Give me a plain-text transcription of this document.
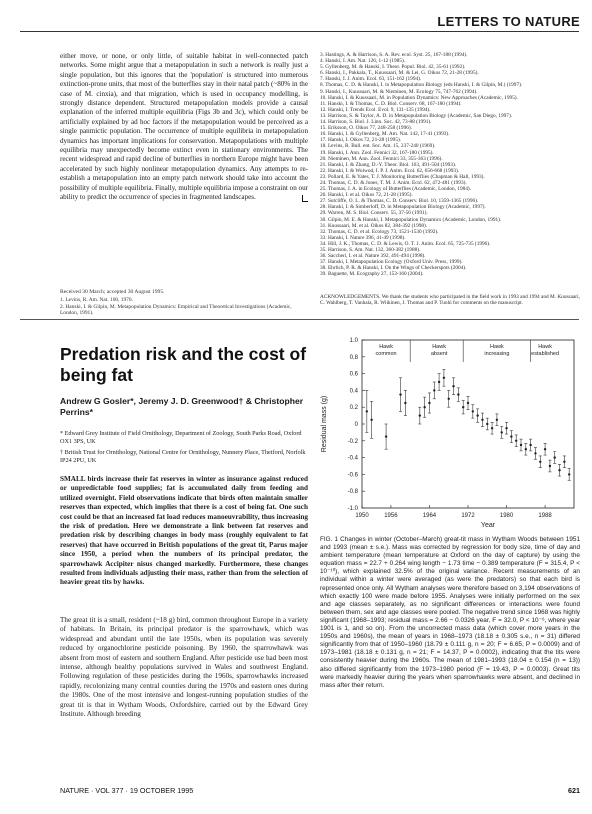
LETTERS TO NATURE
either move, or none, or only little, of suitable habitat in well-connected patch networks. Some might argue that a metapopulation in such a network is really just a single population, but this ignores that the 'population' is structured into numerous extinction-prone units, that most of the butterflies stay in their natal patch (~80% in the case of M. cinxia), and that migration, which is used in occupancy modelling, is strongly distance dependent. Structured metapopulation models provide a causal explanation of the inferred multiple equilibria (Figs 3b and 3c), which could only be artificially explained by ad hoc factors if the metapopulation would be perceived as a single panmictic population. The occurrence of multiple equilibria in metapopulation dynamics has important implications for conservation. Metapopulations with multiple equilibria may unexpectedly become extinct even in stationary environments. The recent widespread and rapid decline of butterflies in northern Europe might have been accelerated by such highly nonlinear metapopulation dynamics. Any attempts to re-establish a metapopulation into an empty patch network should take into account the possibility of multiple equilibria. Finally, multiple equilibria impose a constraint on our ability to predict the occurrence of species in fragmented landscapes.
Received 30 March; accepted 30 August 1995.
1. Levins, R. Am. Nat. 100, 1970.
2. Hanski, I. & Gilpin, M. Metapopulation Dynamics: Empirical and Theoretical Investigations (Academic, London, 1991).
3. Hastings, A. & Harrison, S. A. Rev. ecol. Syst. 25, 167-188 (1994).
4. Hanski, I. Am. Nat. 126, 1-12 (1985).
5. Gyllenberg, M. & Hanski, I. Theor. Popul. Biol. 42, 35-61 (1992).
6. Hanski, I., Pakkala, T., Kuussaari, M. & Lei, G. Oikos 72, 21-28 (1995).
7. Hanski, I. J. Anim. Ecol. 63, 151-162 (1994).
8. Thomas, C. D. & Hanski, I. in Metapopulation Biology (eds Hanski, I. & Gilpin, M.) (1997).
9. Hanski, I., Kuussaari, M. & Nieminen, M. Ecology 75, 747-762 (1994).
10. Hanski, I. & Kuussaari, M. in Population Dynamics: New Approaches (Academic, 1995).
11. Hanski, I. & Thomas, C. D. Biol. Conserv. 68, 167-180 (1994).
12. Hanski, I. Trends Ecol. Evol. 9, 131-135 (1994).
13. Harrison, S. & Taylor, A. D. in Metapopulation Biology (Academic, San Diego, 1997).
14. Harrison, S. Biol. J. Linn. Soc. 42, 73-88 (1991).
15. Eriksson, O. Oikos 77, 248-258 (1996).
16. Hanski, I. & Gyllenberg, M. Am. Nat. 142, 17-41 (1993).
17. Hanski, I. Oikos 72, 21-28 (1995).
18. Levins, R. Bull. ent. Soc. Am. 15, 237-240 (1969).
19. Hanski, I. Ann. Zool. Fennici 32, 167-180 (1995).
20. Nieminen, M. Ann. Zool. Fennici 33, 355-363 (1996).
21. Hanski, I. & Zhang, D.-Y. Theor. Biol. 163, 491-504 (1993).
22. Hanski, I. & Woiwod, I. P. J. Anim. Ecol. 62, 656-668 (1993).
23. Pollard, E. & Yates, T. J. Monitoring Butterflies (Chapman & Hall, 1993).
24. Thomas, C. D. & Jones, T. M. J. Anim. Ecol. 62, 472-481 (1993).
25. Thomas, J. A. in Ecology of Butterflies (Academic, London, 1984).
26. Hanski, I. et al. Oikos 72, 21-28 (1995).
27. Sutcliffe, O. L. & Thomas, C. D. Conserv. Biol. 10, 1359-1365 (1996).
28. Hanski, I. & Simberloff, D. in Metapopulation Biology (Academic, 1997).
29. Warren, M. S. Biol. Conserv. 55, 37-56 (1991).
30. Gilpin, M. E. & Hanski, I. Metapopulation Dynamics (Academic, London, 1991).
31. Kuussaari, M. et al. Oikos 82, 384-392 (1998).
32. Thomas, C. D. et al. Ecology 73, 1521-1530 (1992).
33. Hanski, I. Nature 396, 41-49 (1998).
34. Hill, J. K., Thomas, C. D. & Lewis, O. T. J. Anim. Ecol. 65, 725-735 (1996).
35. Harrison, S. Am. Nat. 132, 360-382 (1988).
36. Saccheri, I. et al. Nature 392, 491-494 (1998).
37. Hanski, I. Metapopulation Ecology (Oxford Univ. Press, 1999).
38. Ehrlich, P. R. & Hanski, I. On the Wings of Checkerspots (2004).
39. Baguette, M. Ecography 27, 153-160 (2004).
ACKNOWLEDGEMENTS. We thank the students who participated in the field work in 1993 and 1994 and M. Kuussaari, C. Wahlberg, T. Vanhala, R. Wiikinen, J. Thomas and P. Tuohi for comments on the manuscript.
Predation risk and the cost of being fat
Andrew G Gosler*, Jeremy J. D. Greenwood† & Christopher Perrins*
* Edward Grey Institute of Field Ornithology, Department of Zoology, South Parks Road, Oxford OX1 3PS, UK
† British Trust for Ornithology, National Centre for Ornithology, Nunnery Place, Thetford, Norfolk IP24 2PU, UK
SMALL birds increase their fat reserves in winter as insurance against reduced or unpredictable food supplies; fat is accumulated daily from feeding and utilized overnight. Field observations indicate that birds often maintain smaller reserves than expected, which implies that there is a cost of being fat. One such cost could be that an increased fat load reduces manoeuvrability, thus increasing the risk of predation. Here we demonstrate a link between fat reserves and predation risk by describing changes in body mass (roughly equivalent to fat reserves) that have occurred in British populations of the great tit, Parus major since 1950, a period when the numbers of its principal predator, the sparrowhawk Accipiter nisus changed markedly. Furthermore, these changes resulted from individuals adjusting their mass, rather than from the selection of heavier great tits by hawks.
The great tit is a small, resident (~18 g) bird, common throughout Europe in a variety of habitats. In Britain, its principal predator is the sparrowhawk, which was widespread and abundant until the late 1950s, when its population was severely reduced by organochlorine pesticide poisoning. By 1960, the sparrowhawk was absent from most of eastern and southern England. After pesticide use had been most intense, although healthy populations survived in Wales and southwest England. Following regulation of these pesticides during the 1960s, sparrowhawks increased rapidly, recolonizing many central counties during the 1970s and eastern ones during the 1980s. One of the most intensive and longest-running population studies of the great tit is that in Wytham Woods, Oxfordshire, carried out by the Edward Grey Institute. Although breeding
Hawk
common
Hawk
absent
Hawk
increasing
Hawk
established
-1.0
-0.8
-0.6
-0.4
-0.2
0
0.2
0.4
0.6
0.8
1.0
1950	1956	1964	1972	1980	1988
Residual mass (g)
Year
FIG. 1 Changes in winter (October–March) great-tit mass in Wytham Woods between 1951 and 1993 (mean ± s.e.). Mass was corrected by regression for body size, time of day and ambient temperature (mean temperature at Oxford on the day of capture) by using the equation mass = 22.7 + 0.264 wing length − 1.73 time − 0.389 temperature (F = 315.4, P < 10⁻¹⁰), which explained 32.5% of the original variance. Recent measurements of an individual within a winter were averaged (as were the predators) so that each bird is represented once only. All Wytham analyses were therefore based on 3,194 observations of which exactly 100 were made before 1955. Analyses were initially performed on the sex and age classes separately, as no significant differences or interactions were found between them, sex and age classes were pooled. The negative trend since 1968 was highly significant (1968–1993; residual mass = 2.66 − 0.0326 year, F = 32.0, P < 10⁻⁶, where year 1901 is 1, and so on). From the uncorrected mass data (which cover more years in the 1950s and 1960s), the mean of years in 1968–1973 (18.18 ± 0.305 s.e., n = 31) differed significantly from that of 1950–1960 (18.79 ± 0.111 g, n = 20; F = 6.65, P = 0.0009) and of 1973–1981 (18.18 ± 0.131 g, n = 21; F = 14.37, P = 0.0002), indicating that the tits were consistently heavier during the 1960s. The mean of 1981–1993 (18.04 ± 0.154 (n = 13)) also differed significantly from the 1973–1980 period (F = 19.43, P = 0.0003). Great tits were markedly heavier during the years when sparrowhawks were absent, and declined in mass after their return.
NATURE · VOL 377 · 19 OCTOBER 1995	621
